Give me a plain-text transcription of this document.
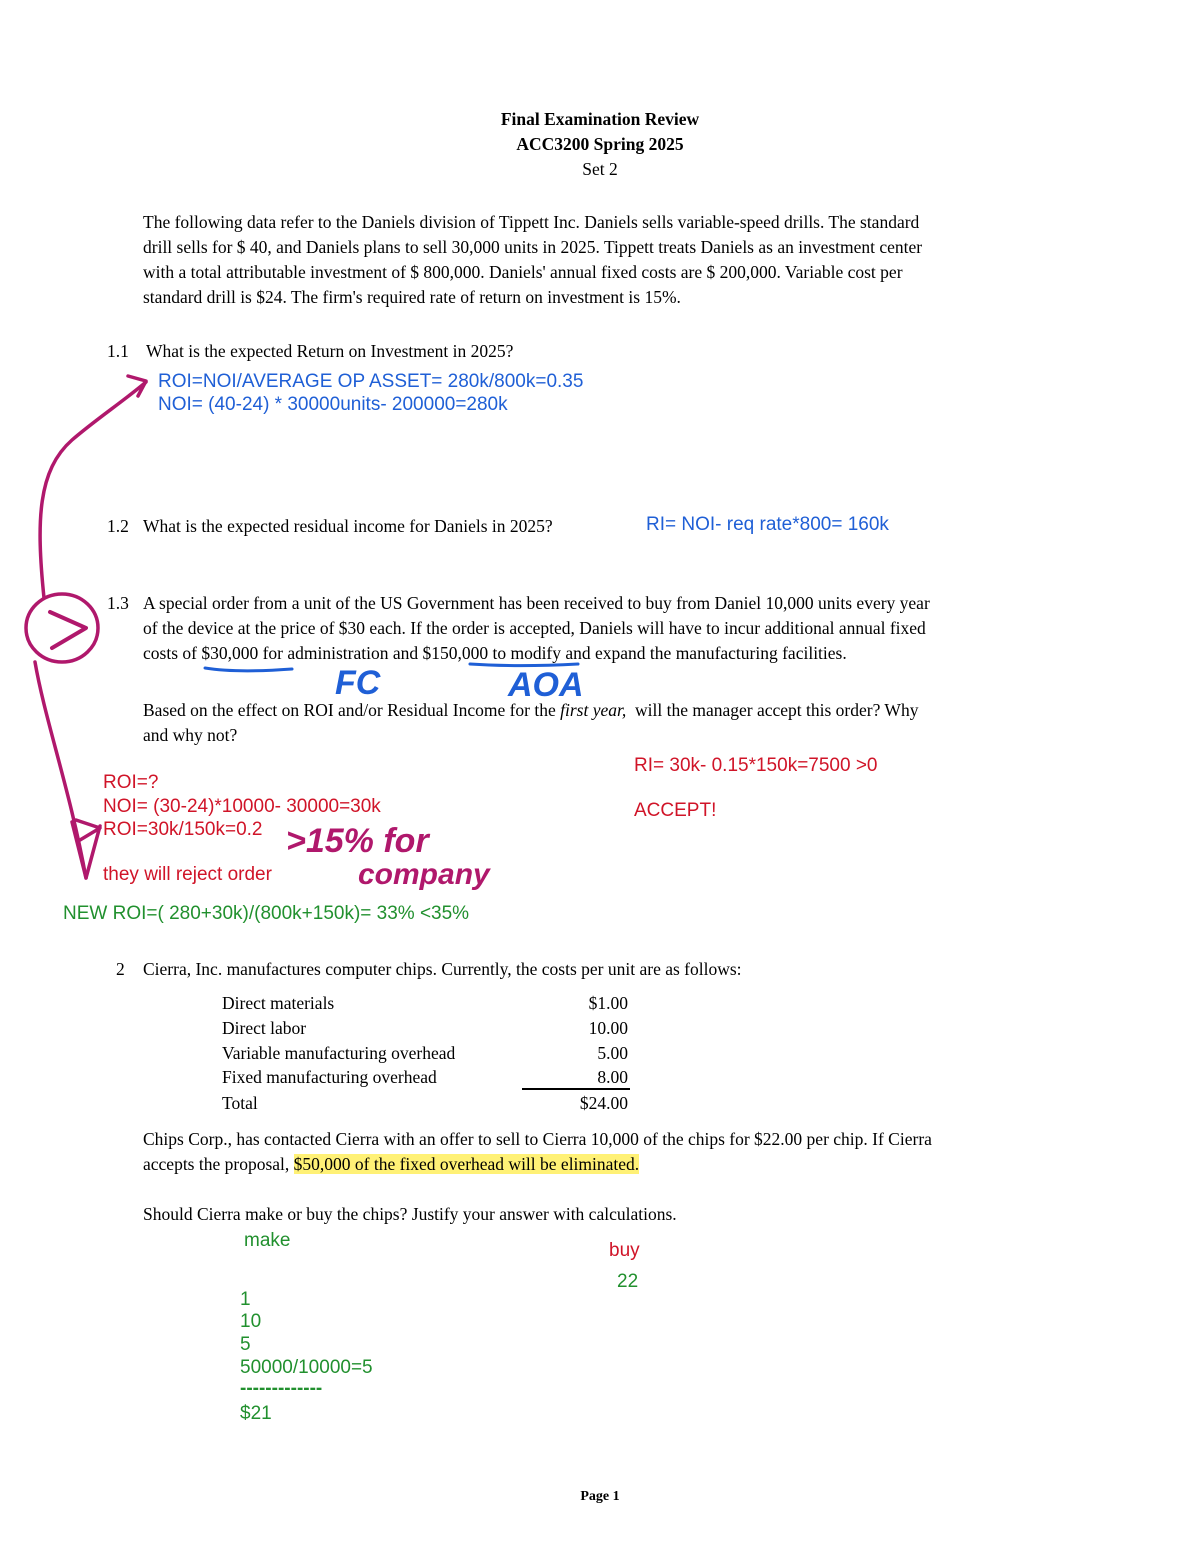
Final Examination Review
ACC3200 Spring 2025
Set 2
The following data refer to the Daniels division of Tippett Inc. Daniels sells variable-speed drills. The standard
drill sells for $ 40, and Daniels plans to sell 30,000 units in 2025. Tippett treats Daniels as an investment center
with a total attributable investment of $ 800,000. Daniels' annual fixed costs are $ 200,000. Variable cost per
standard drill is $24. The firm's required rate of return on investment is 15%.
1.1 What is the expected Return on Investment in 2025?
ROI=NOI/AVERAGE OP ASSET= 280k/800k=0.35
NOI= (40-24) * 30000units- 200000=280k
1.2 What is the expected residual income for Daniels in 2025?	RI= NOI- req rate*800= 160k
1.3 A special order from a unit of the US Government has been received to buy from Daniel 10,000 units every year
of the device at the price of $30 each. If the order is accepted, Daniels will have to incur additional annual fixed
costs of $30,000 for administration and $150,000 to modify and expand the manufacturing facilities.
Based on the effect on ROI and/or Residual Income for the first year,  will the manager accept this order? Why
and why not?
FC	AOA
ROI=?
NOI= (30-24)*10000- 30000=30k
ROI=30k/150k=0.2
they will reject order
>15% for
company
NEW ROI=( 280+30k)/(800k+150k)= 33% <35%
RI= 30k- 0.15*150k=7500 >0
ACCEPT!
2 Cierra, Inc. manufactures computer chips. Currently, the costs per unit are as follows:
Direct materials	$1.00
Direct labor	10.00
Variable manufacturing overhead	5.00
Fixed manufacturing overhead	8.00
Total	$24.00
Chips Corp., has contacted Cierra with an offer to sell to Cierra 10,000 of the chips for $22.00 per chip. If Cierra
accepts the proposal, $50,000 of the fixed overhead will be eliminated.
Should Cierra make or buy the chips? Justify your answer with calculations.
make
1
10
5
50000/10000=5
-------------
$21
buy
22
Page 1
